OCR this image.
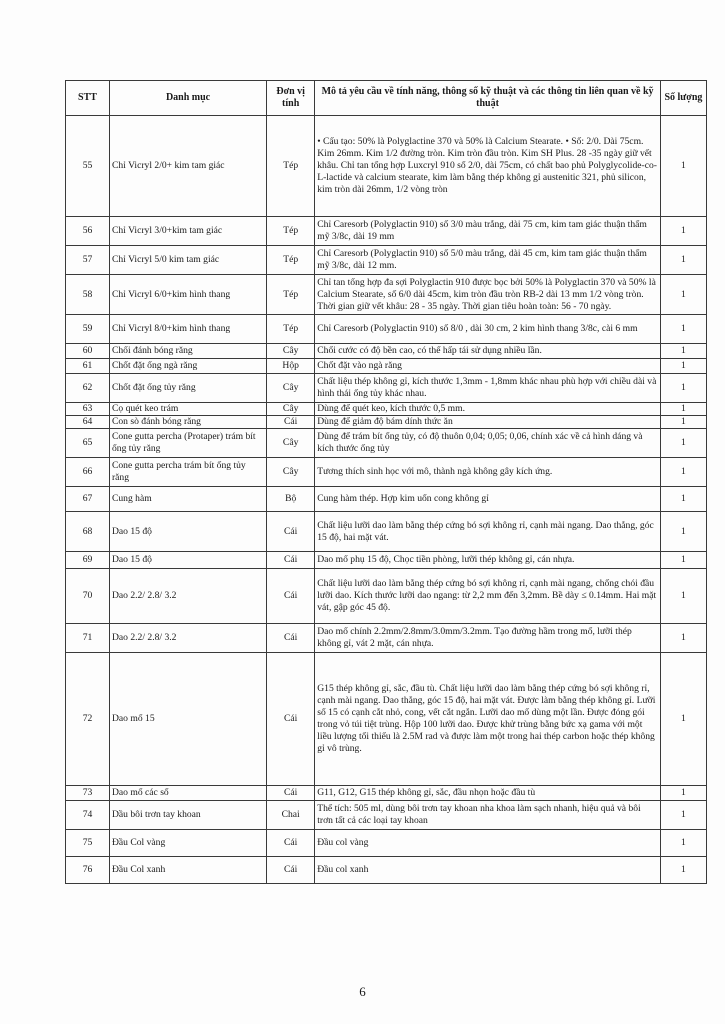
STT	Danh mục	Đơn vị tính	Mô tả yêu cầu về tính năng, thông số kỹ thuật và các thông tin liên quan về kỹ thuật	Số lượng
55	Chỉ Vicryl 2/0+ kim tam giác	Tép	• Cấu tạo: 50% là Polyglactine 370 và 50% là Calcium Stearate. • Số: 2/0. Dài 75cm. Kim 26mm. Kim 1/2 đường tròn. Kim tròn đầu tròn. Kim SH Plus. 28 -35 ngày giữ vết khâu. Chỉ tan tổng hợp Luxcryl 910 số 2/0, dài 75cm, có chất bao phủ Polyglycolide-co-L-lactide và calcium stearate, kim làm bằng thép không gỉ austenitic 321, phủ silicon, kim tròn dài 26mm, 1/2 vòng tròn	1
56	Chỉ Vicryl 3/0+kim tam giác	Tép	Chỉ Caresorb (Polyglactin 910) số 3/0 màu trắng, dài 75 cm, kim tam giác thuận thẩm mỹ 3/8c, dài 19 mm	1
57	Chỉ Vicryl 5/0 kim tam giác	Tép	Chỉ Caresorb (Polyglactin 910) số 5/0 màu trắng, dài 45 cm, kim tam giác thuận thẩm mỹ 3/8c, dài 12 mm.	1
58	Chỉ Vicryl 6/0+kim hình thang	Tép	Chỉ tan tổng hợp đa sợi Polyglactin 910 được bọc bởi 50% là Polyglactin 370 và 50% là Calcium Stearate, số 6/0 dài 45cm, kim tròn đầu tròn RB-2 dài 13 mm 1/2 vòng tròn. Thời gian giữ vết khâu: 28 - 35 ngày. Thời gian tiêu hoàn toàn: 56 - 70 ngày.	1
59	Chỉ Vicryl 8/0+kim hình thang	Tép	Chỉ Caresorb (Polyglactin 910) số 8/0 , dài 30 cm, 2 kim hình thang 3/8c, cài 6 mm	1
60	Chổi đánh bóng răng	Cây	Chổi cước có độ bền cao, có thể hấp tái sử dụng nhiều lần.	1
61	Chốt đặt ống ngà răng	Hộp	Chốt đặt vào ngà răng	1
62	Chốt đặt ống tủy răng	Cây	Chất liệu thép không gỉ, kích thước 1,3mm - 1,8mm khác nhau phù hợp với chiều dài và hình thái ống tủy khác nhau.	1
63	Cọ quét keo trám	Cây	Dùng để quét keo, kích thước 0,5 mm.	1
64	Con sò đánh bóng răng	Cái	Dùng để giảm độ bám dính thức ăn	1
65	Cone gutta percha (Protaper) trám bít ống tủy răng	Cây	Dùng để trám bít ống tủy, có độ thuôn 0,04; 0,05; 0,06, chính xác về cả hình dáng và kích thước ống tủy	1
66	Cone gutta percha trám bít ống tủy răng	Cây	Tương thích sinh học với mô, thành ngà không gây kích ứng.	1
67	Cung hàm	Bộ	Cung hàm thép. Hợp kim uốn cong không gỉ	1
68	Dao 15 độ	Cái	Chất liệu lưỡi dao làm bằng thép cứng bó sợi không rỉ, cạnh mài ngang. Dao thẳng, góc 15 độ, hai mặt vát.	1
69	Dao 15 độ	Cái	Dao mổ phụ 15 độ, Chọc tiền phòng, lưỡi thép không gỉ, cán nhựa.	1
70	Dao 2.2/ 2.8/ 3.2	Cái	Chất liệu lưỡi dao làm bằng thép cứng bó sợi không rỉ, cạnh mài ngang, chống chói đầu lưỡi dao. Kích thước lưỡi dao ngang: từ 2,2 mm đến 3,2mm. Bề dày ≤ 0.14mm. Hai mặt vát, gập góc 45 độ.	1
71	Dao 2.2/ 2.8/ 3.2	Cái	Dao mổ chính 2.2mm/2.8mm/3.0mm/3.2mm. Tạo đường hầm trong mổ, lưỡi thép không gỉ, vát 2 mặt, cán nhựa.	1
72	Dao mổ 15	Cái	G15 thép không gỉ, sắc, đầu tù. Chất liệu lưỡi dao làm bằng thép cứng bó sợi không rỉ, cạnh mài ngang. Dao thẳng, góc 15 độ, hai mặt vát. Được làm bằng thép không gỉ. Lưỡi số 15 có cạnh cắt nhỏ, cong, vết cắt ngắn. Lưỡi dao mổ dùng một lần. Được đóng gói trong vỏ túi tiệt trùng. Hộp 100 lưỡi dao. Được khử trùng bằng bức xạ gama với một liều lượng tối thiểu là 2.5M rad và được làm một trong hai thép carbon hoặc thép không gỉ vô trùng.	1
73	Dao mổ các số	Cái	G11, G12, G15 thép không gỉ, sắc, đầu nhọn hoặc đầu tù	1
74	Dầu bôi trơn tay khoan	Chai	Thể tích: 505 ml, dùng bôi trơn tay khoan nha khoa làm sạch nhanh, hiệu quả và bôi trơn tất cả các loại tay khoan	1
75	Đầu Col vàng	Cái	Đầu col vàng	1
76	Đầu Col xanh	Cái	Đầu col xanh	1
6
